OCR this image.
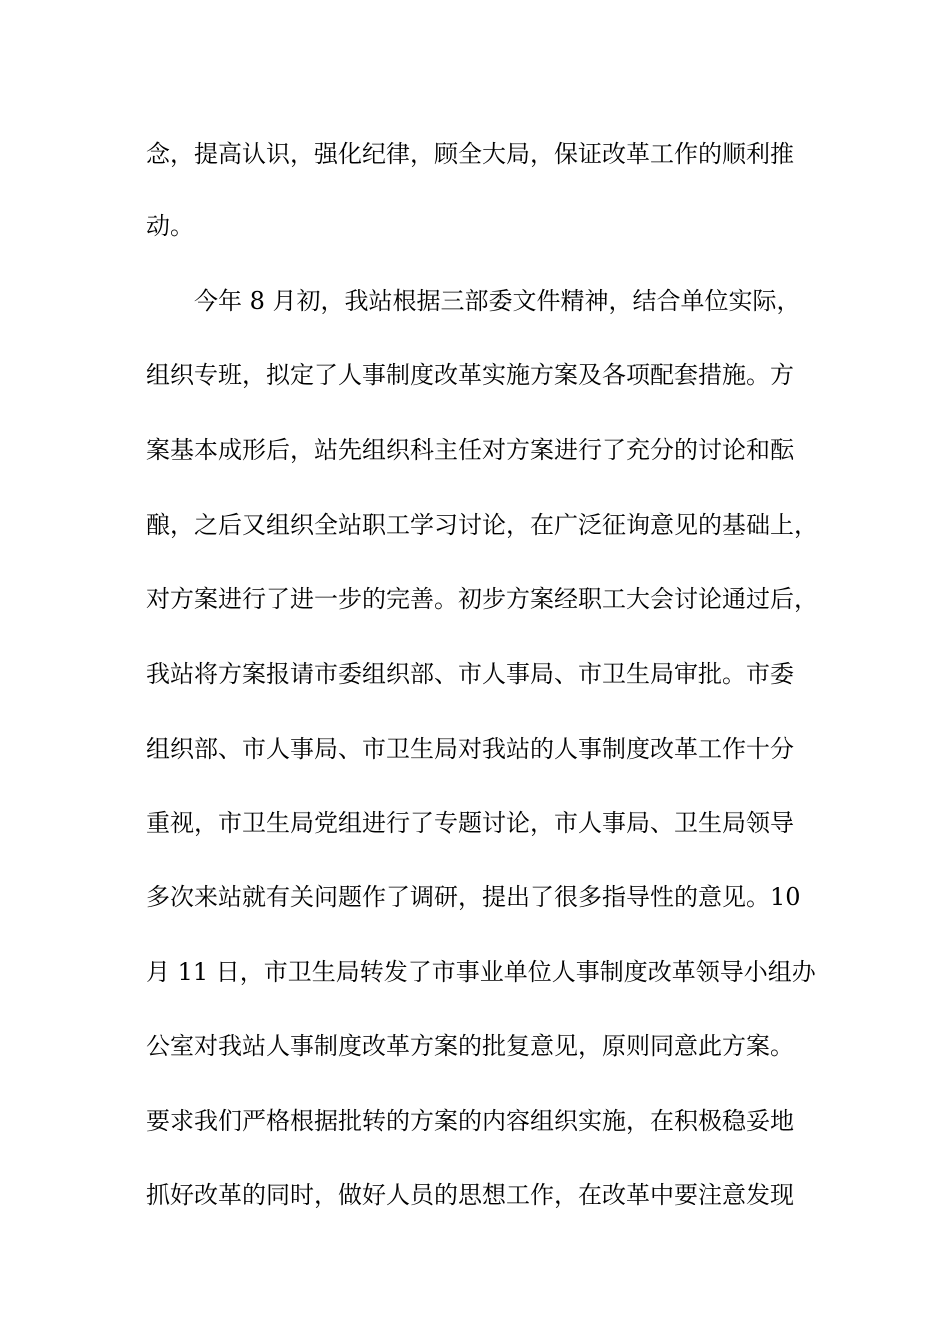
念，提高认识，强化纪律，顾全大局，保证改革工作的顺利推
动。
今年 8 月初，我站根据三部委文件精神，结合单位实际，
组织专班，拟定了人事制度改革实施方案及各项配套措施。方
案基本成形后，站先组织科主任对方案进行了充分的讨论和酝
酿，之后又组织全站职工学习讨论，在广泛征询意见的基础上，
对方案进行了进一步的完善。初步方案经职工大会讨论通过后，
我站将方案报请市委组织部、市人事局、市卫生局审批。市委
组织部、市人事局、市卫生局对我站的人事制度改革工作十分
重视，市卫生局党组进行了专题讨论，市人事局、卫生局领导
多次来站就有关问题作了调研，提出了很多指导性的意见。10
月 11 日，市卫生局转发了市事业单位人事制度改革领导小组办
公室对我站人事制度改革方案的批复意见，原则同意此方案。
要求我们严格根据批转的方案的内容组织实施，在积极稳妥地
抓好改革的同时，做好人员的思想工作，在改革中要注意发现
